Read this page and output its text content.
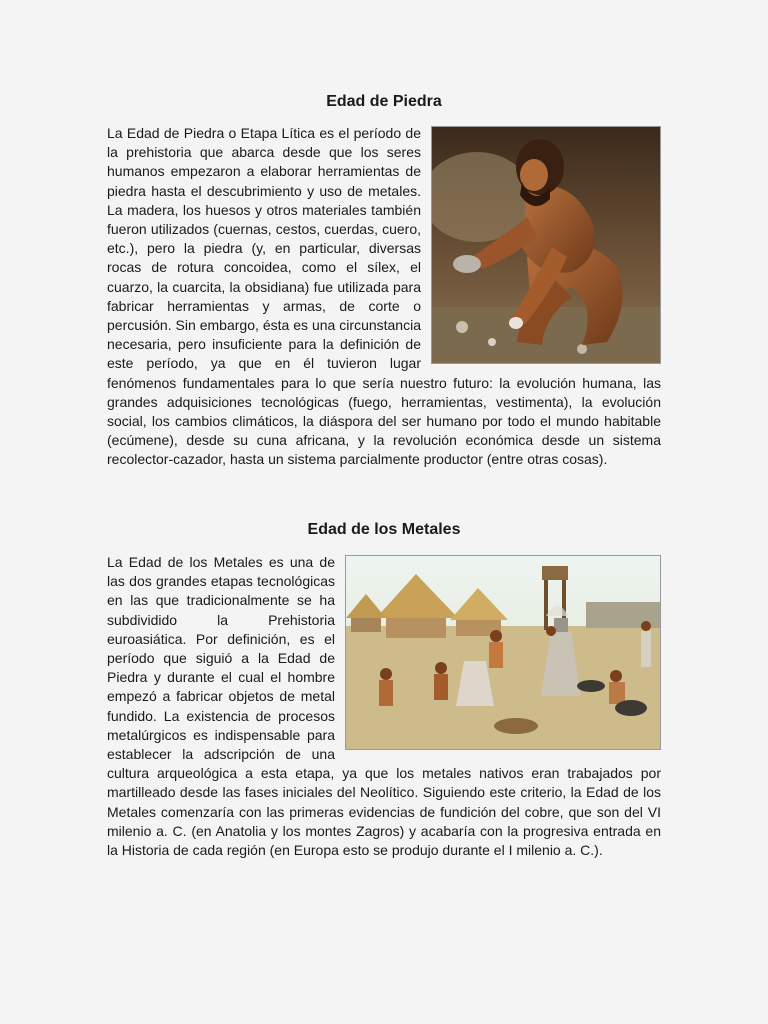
Edad de Piedra
La Edad de Piedra o Etapa Lítica es el período de la prehistoria que abarca desde que los seres humanos empezaron a elaborar herramientas de piedra hasta el descubrimiento y uso de metales. La madera, los huesos y otros materiales también fueron utilizados (cuernas, cestos, cuerdas, cuero, etc.), pero la piedra (y, en particular, diversas rocas de rotura concoidea, como el sílex, el cuarzo, la cuarcita, la obsidiana) fue utilizada para fabricar herramientas y armas, de corte o percusión. Sin embargo, ésta es una circunstancia necesaria, pero insuficiente para la definición de este período, ya que en él tuvieron lugar fenómenos fundamentales para lo que sería nuestro futuro: la evolución humana, las grandes adquisiciones tecnológicas (fuego, herramientas, vestimenta), la evolución social, los cambios climáticos, la diáspora del ser humano por todo el mundo habitable (ecúmene), desde su cuna africana, y la revolución económica desde un sistema recolector-cazador, hasta un sistema parcialmente productor (entre otras cosas).
Edad de los Metales
La Edad de los Metales es una de las dos grandes etapas tecnológicas en las que tradicionalmente se ha subdividido la Prehistoria euroasiática. Por definición, es el período que siguió a la Edad de Piedra y durante el cual el hombre empezó a fabricar objetos de metal fundido. La existencia de procesos metalúrgicos es indispensable para establecer la adscripción de una cultura arqueológica a esta etapa, ya que los metales nativos eran trabajados por martilleado desde las fases iniciales del Neolítico. Siguiendo este criterio, la Edad de los Metales comenzaría con las primeras evidencias de fundición del cobre, que son del VI milenio a. C. (en Anatolia y los montes Zagros) y acabaría con la progresiva entrada en la Historia de cada región (en Europa esto se produjo durante el I milenio a. C.).
